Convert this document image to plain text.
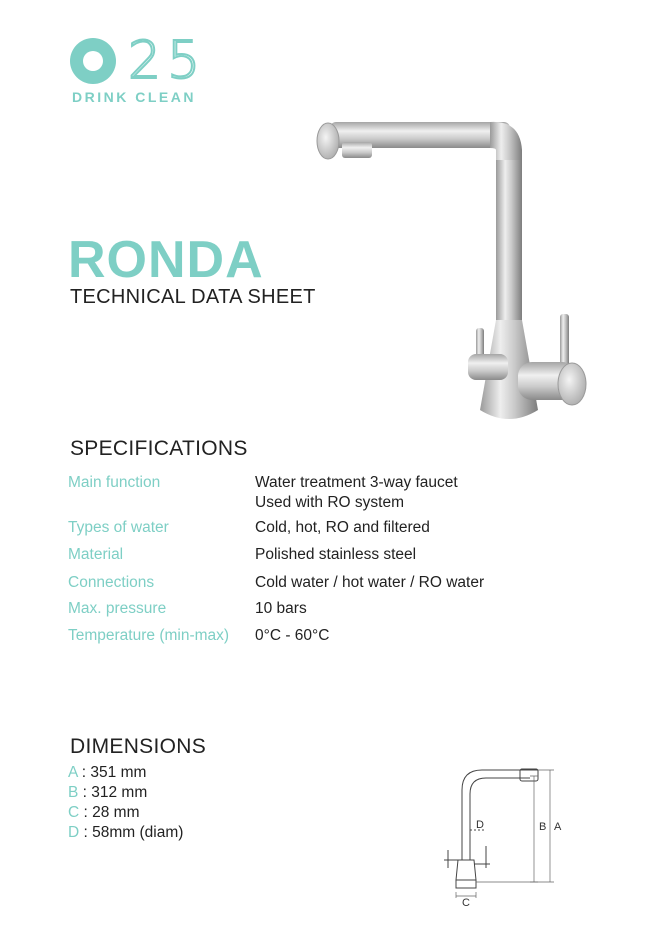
25
DRINK CLEAN
RONDA
TECHNICAL DATA SHEET
SPECIFICATIONS
Main function	Water treatment 3-way faucet
Used with RO system
Types of water	Cold, hot, RO and filtered
Material	Polished stainless steel
Connections	Cold water / hot water / RO water
Max. pressure	10 bars
Temperature (min-max) 0°C - 60°C
DIMENSIONS
A : 351 mm
B : 312 mm
C : 28 mm
D : 58mm (diam)	D	B A
C
